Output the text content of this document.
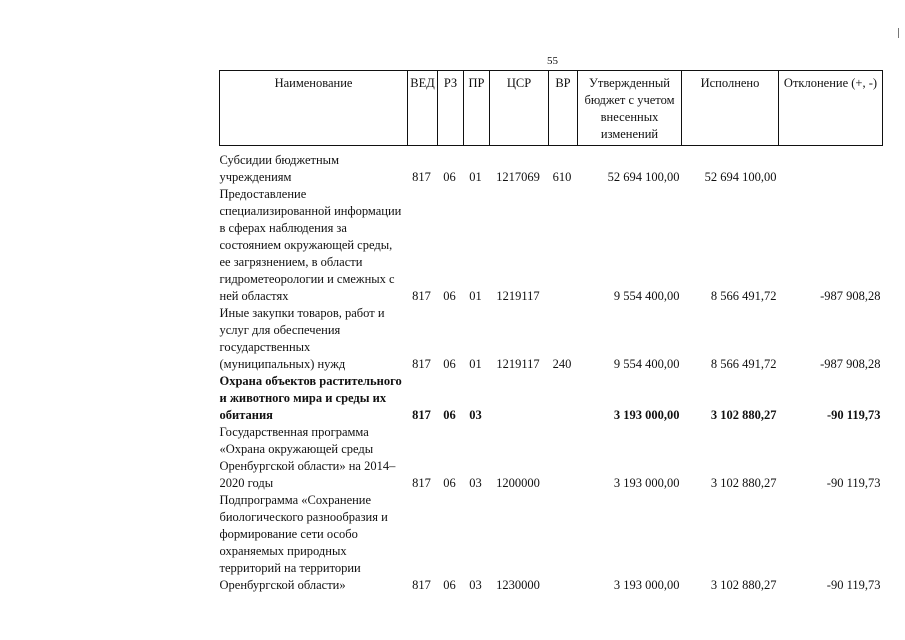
55
Наименование	ВЕД	РЗ	ПР	ЦСР	ВР	Утвержденный бюджет с учетом внесенных изменений	Исполнено	Отклонение (+, -)
Субсидии бюджетным учреждениям	817	06	01	1217069	610	52 694 100,00	52 694 100,00	
Предоставление специализированной информации в сферах наблюдения за состоянием окружающей среды, ее загрязнением, в области гидрометеорологии и смежных с ней областях	817	06	01	1219117		9 554 400,00	8 566 491,72	-987 908,28
Иные закупки товаров, работ и услуг для обеспечения государственных (муниципальных) нужд	817	06	01	1219117	240	9 554 400,00	8 566 491,72	-987 908,28
Охрана объектов растительного и животного мира и среды их обитания	817	06	03			3 193 000,00	3 102 880,27	-90 119,73
Государственная программа «Охрана окружающей среды Оренбургской области» на 2014–2020 годы	817	06	03	1200000		3 193 000,00	3 102 880,27	-90 119,73
Подпрограмма «Сохранение биологического разнообразия и формирование сети особо охраняемых природных территорий на территории Оренбургской области»	817	06	03	1230000		3 193 000,00	3 102 880,27	-90 119,73
